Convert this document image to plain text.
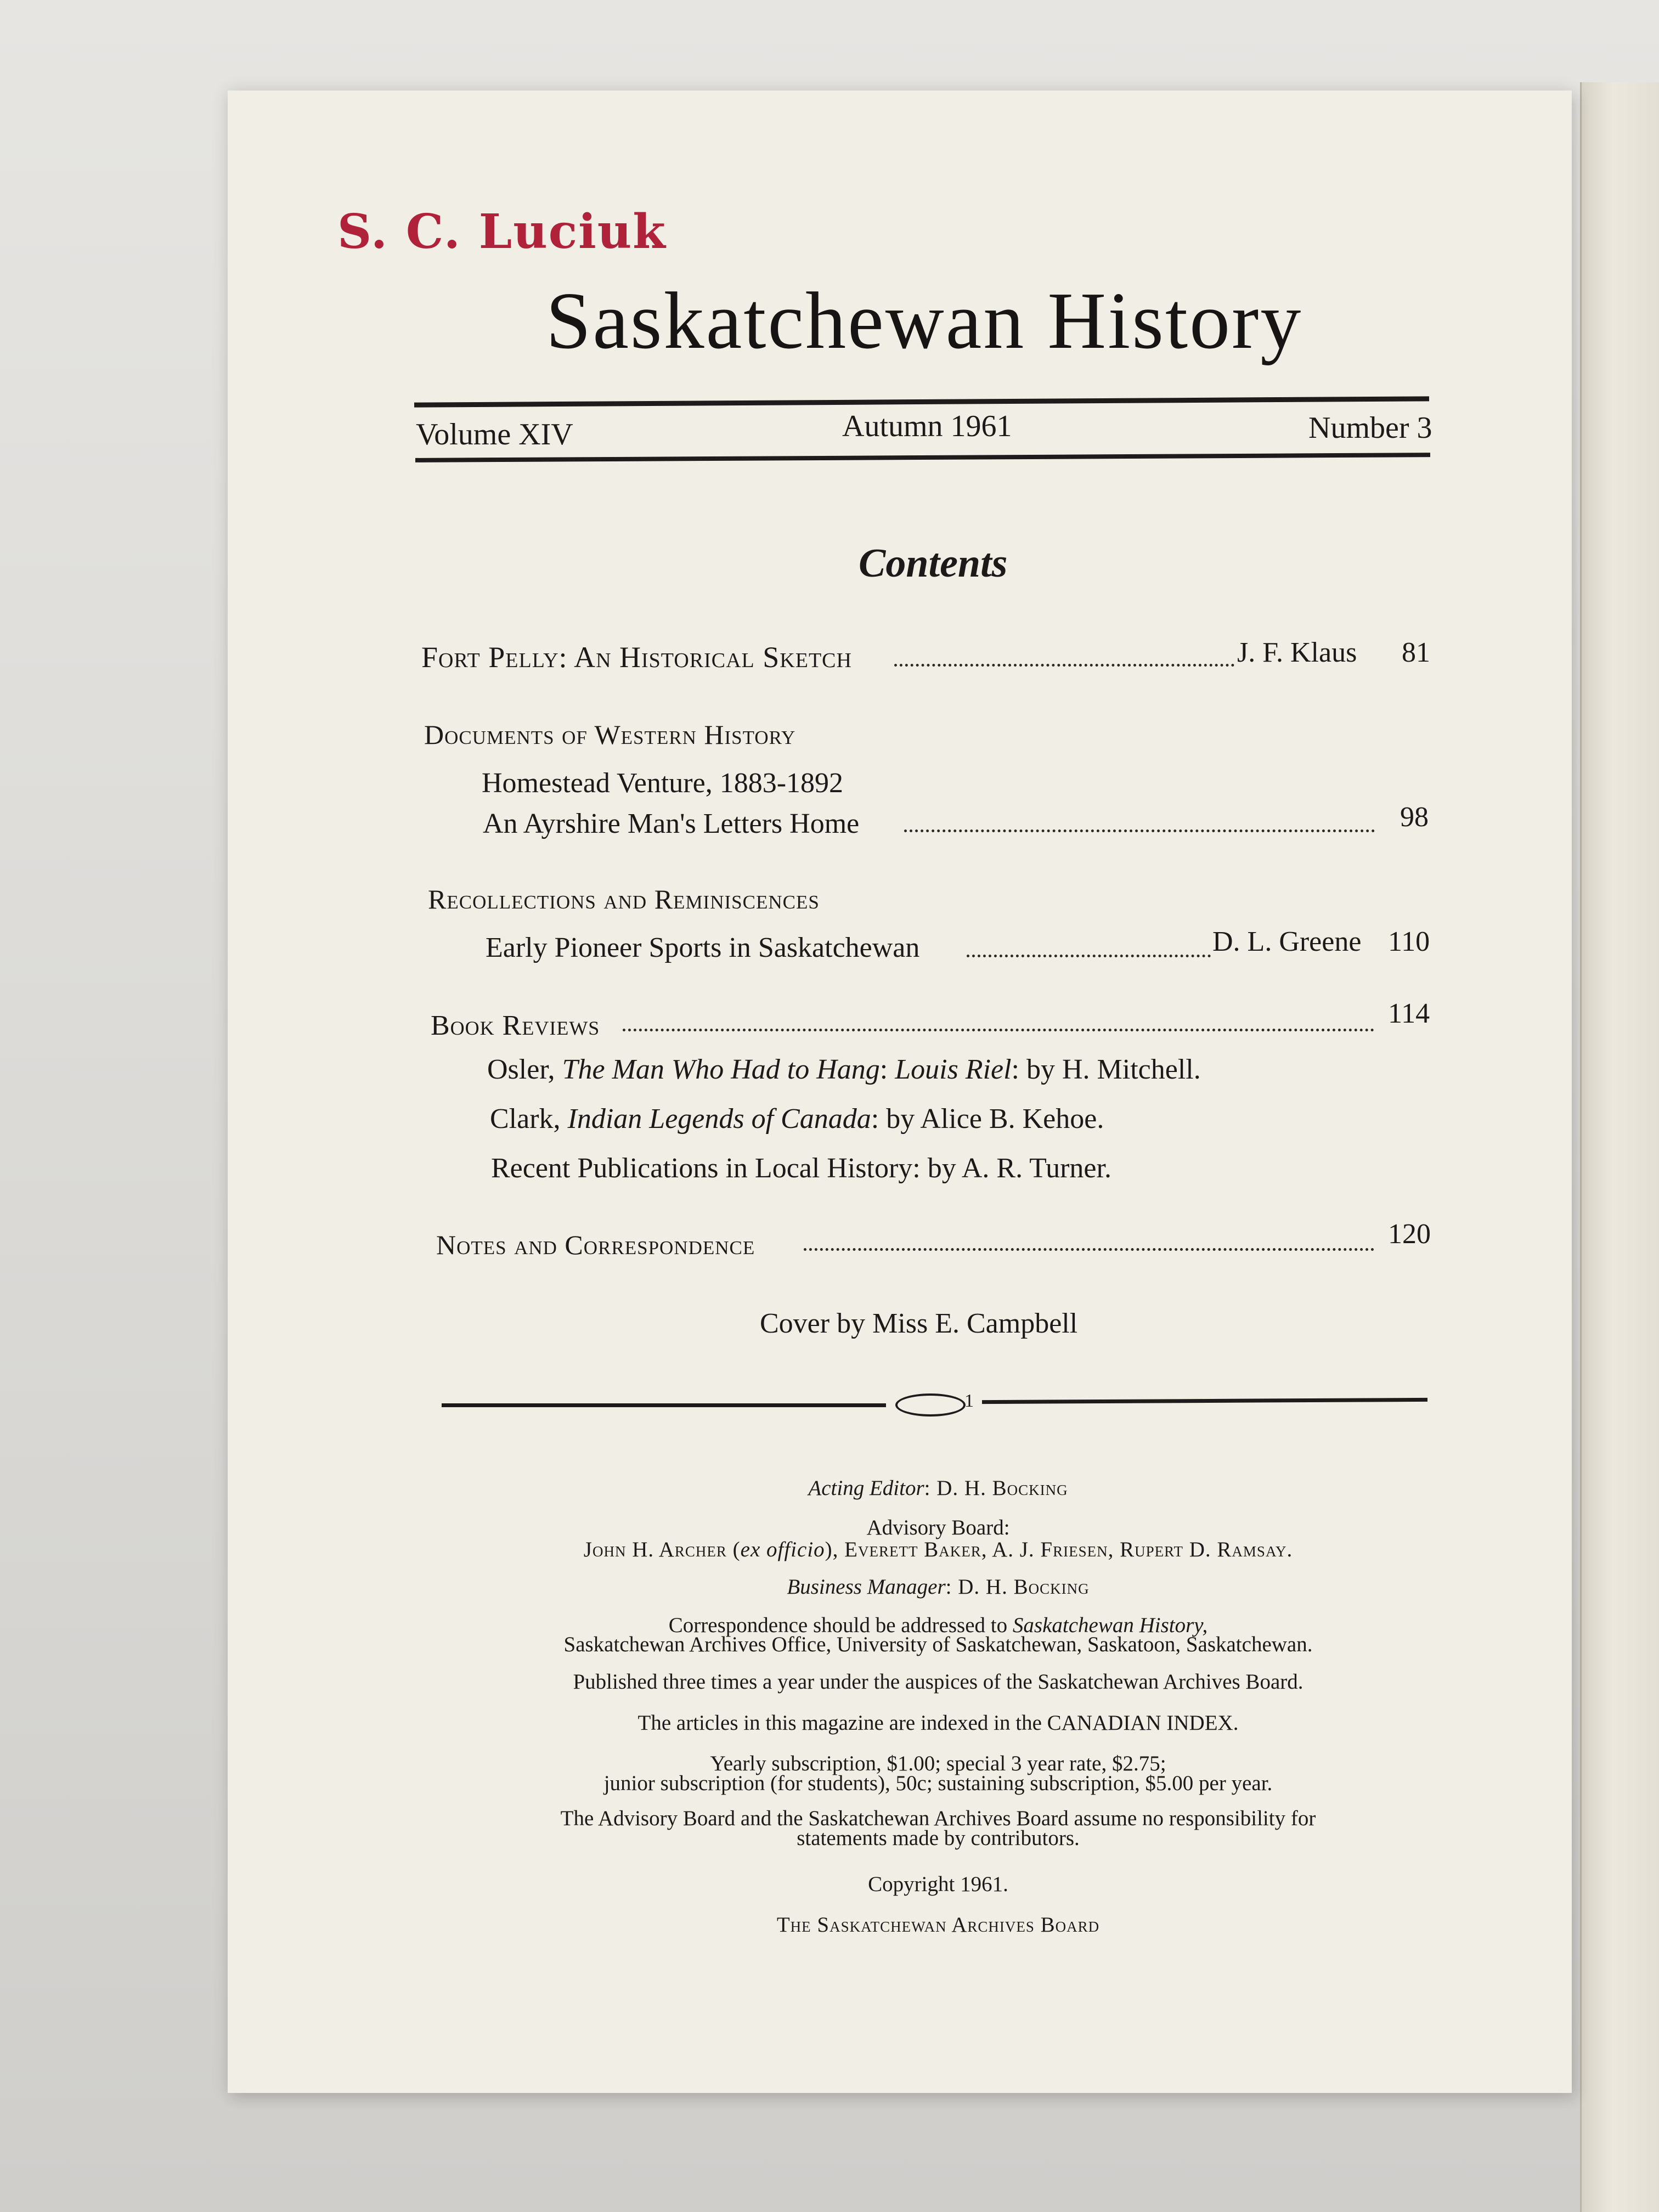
S. C. Luciuk
Saskatchewan History
Volume XIV	Autumn 1961	Number 3
Contents
Fort Pelly: An Historical Sketch	J. F. Klaus 81
Documents of Western History
Homestead Venture, 1883-1892
An Ayrshire Man's Letters Home	98
Recollections and Reminiscences
Early Pioneer Sports in Saskatchewan	D. L. Greene 110
Book Reviews	114
Osler, The Man Who Had to Hang: Louis Riel: by H. Mitchell.
Clark, Indian Legends of Canada: by Alice B. Kehoe.
Recent Publications in Local History: by A. R. Turner.
Notes and Correspondence	120
Cover by Miss E. Campbell
1
Acting Editor: D. H. Bocking
Advisory Board:
John H. Archer (ex officio), Everett Baker, A. J. Friesen, Rupert D. Ramsay.
Business Manager: D. H. Bocking
Correspondence should be addressed to Saskatchewan History,
Saskatchewan Archives Office, University of Saskatchewan, Saskatoon, Saskatchewan.
Published three times a year under the auspices of the Saskatchewan Archives Board.
The articles in this magazine are indexed in the CANADIAN INDEX.
Yearly subscription, $1.00; special 3 year rate, $2.75;
junior subscription (for students), 50c; sustaining subscription, $5.00 per year.
The Advisory Board and the Saskatchewan Archives Board assume no responsibility for
statements made by contributors.
Copyright 1961.
The Saskatchewan Archives Board
